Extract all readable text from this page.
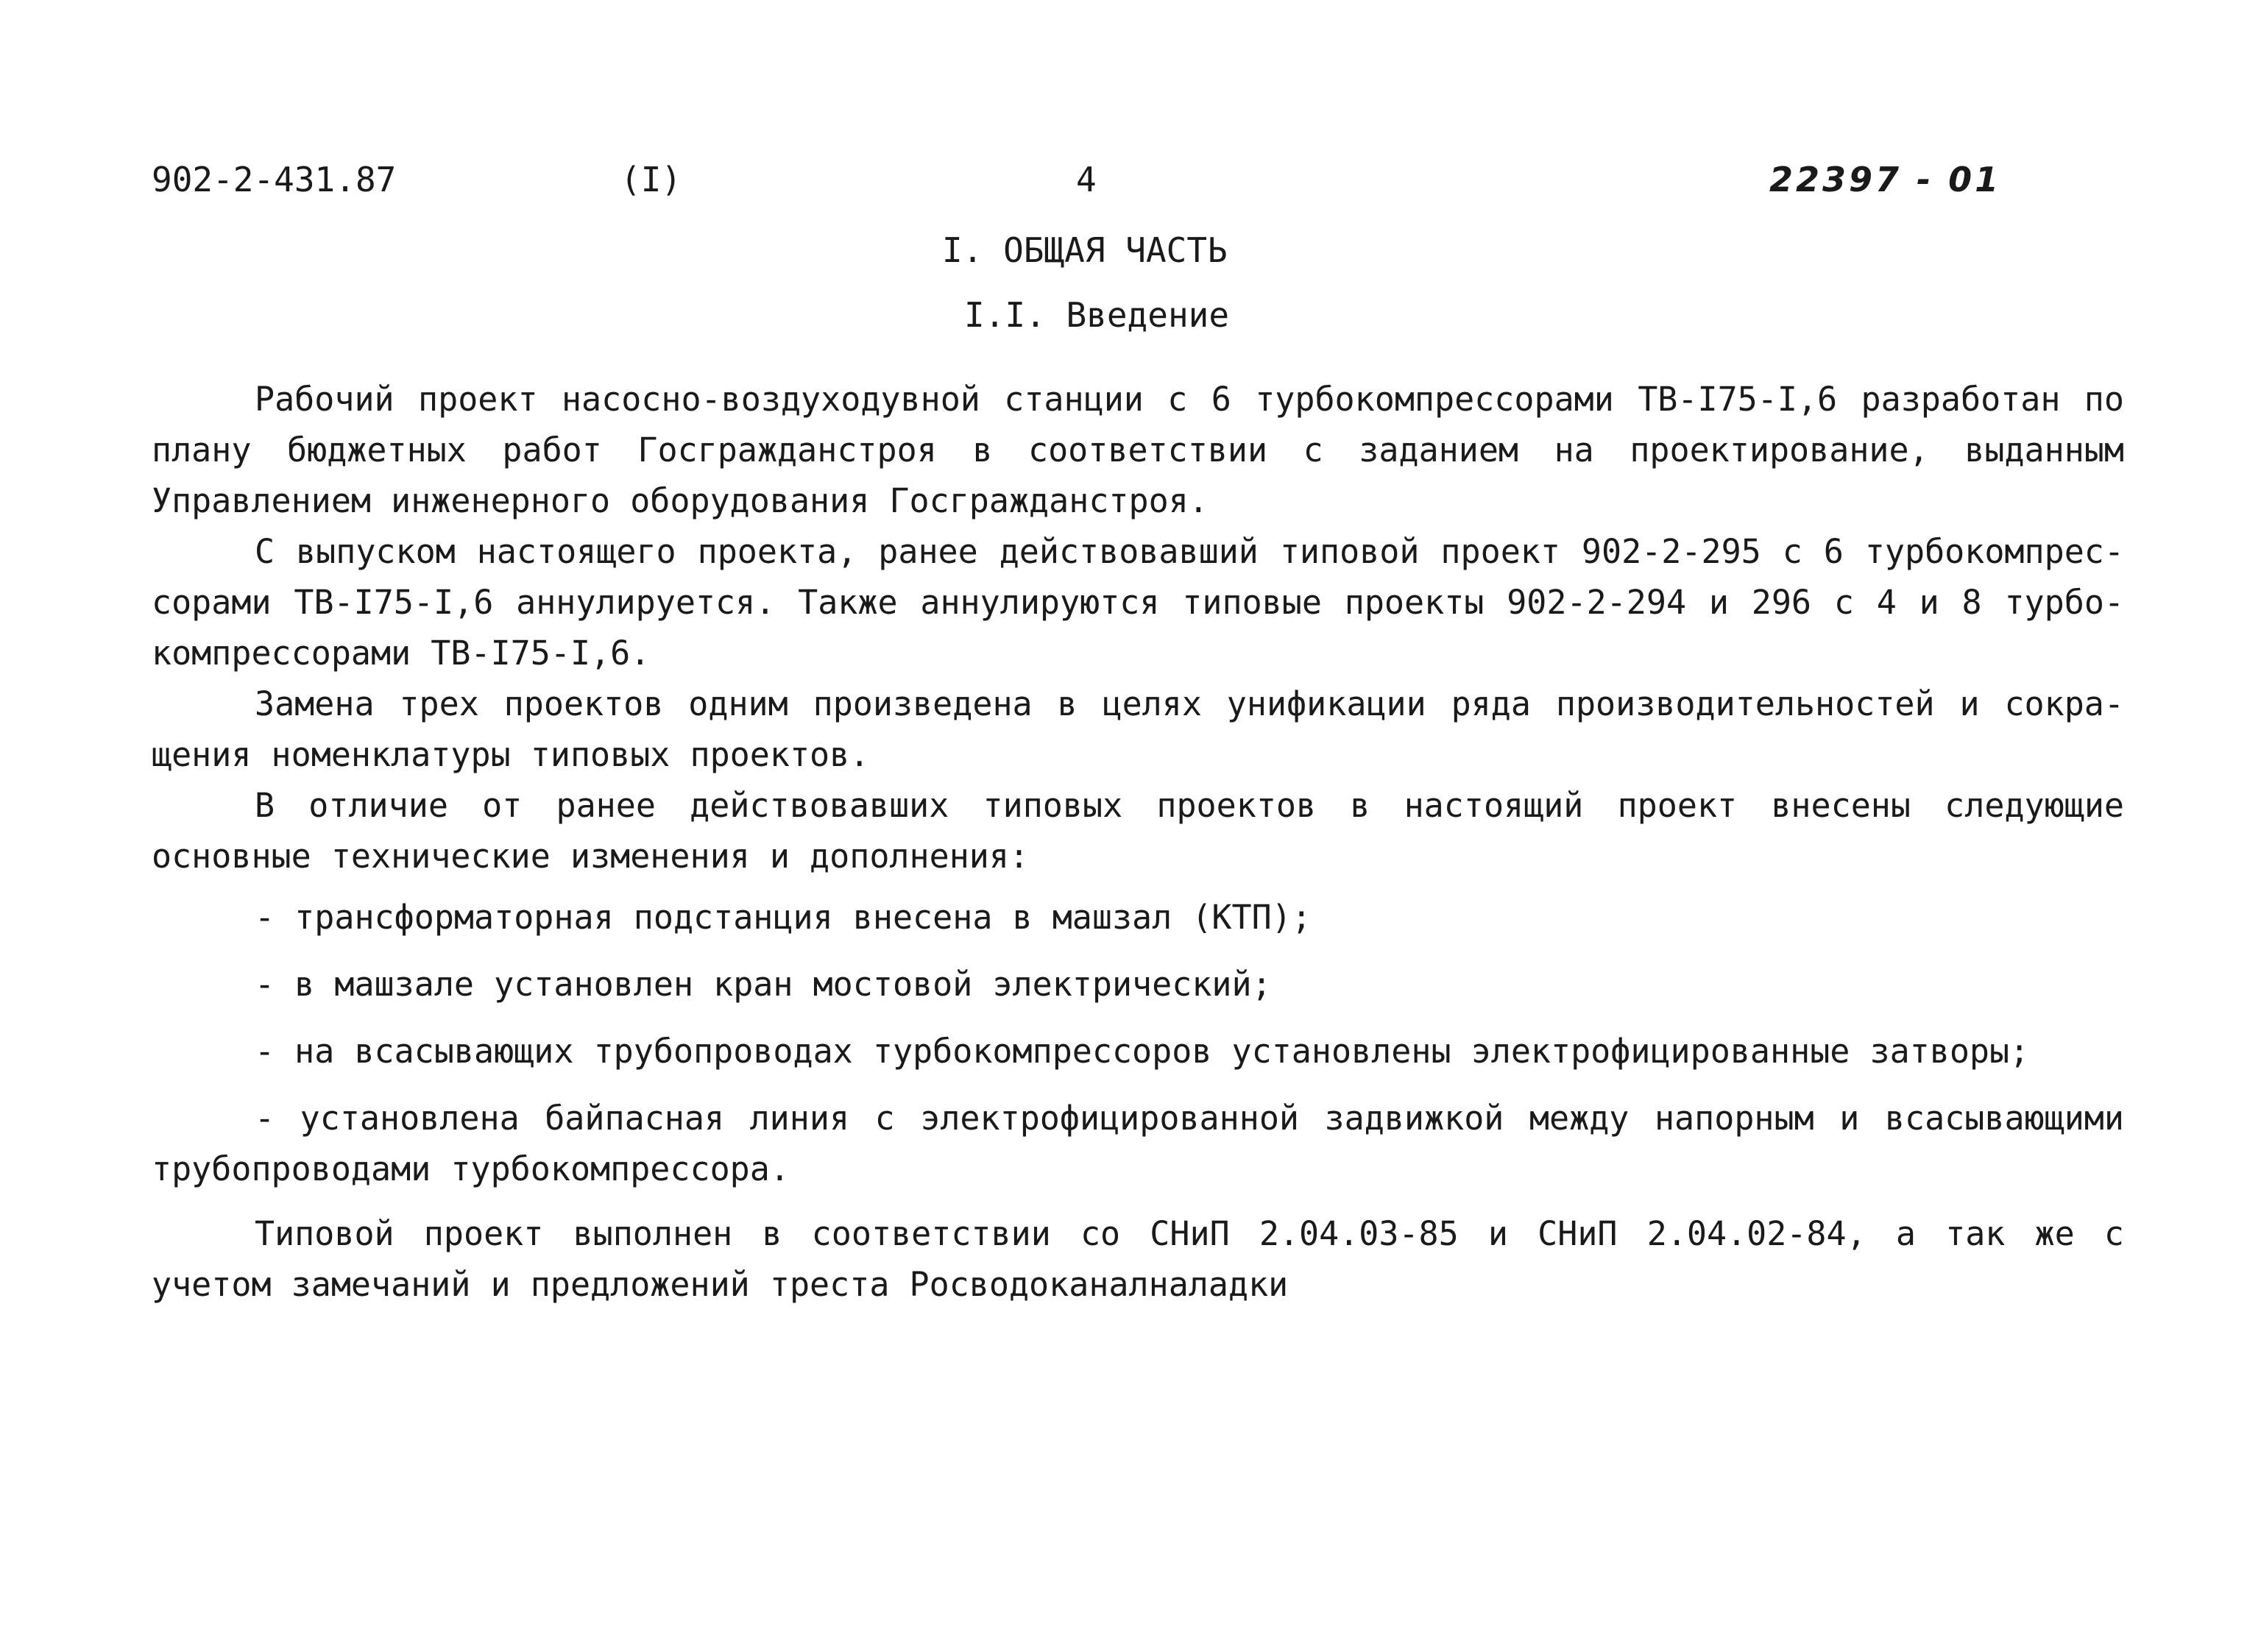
902-2-431.87	(I)	4	22397 - 01
I. ОБЩАЯ ЧАСТЬ
I.I. Введение

Рабочий проект насосно-воздуходувной станции с 6 турбокомпрессорами ТВ-I75-I,6 разработан по плану бюджетных работ Госгражданстроя в соответствии с заданием на проектирование, выданным Управлением инженерного оборудования Госгражданстроя.

С выпуском настоящего проекта, ранее действовавший типовой проект 902-2-295 с 6 турбокомпрес-сорами ТВ-I75-I,6 аннулируется. Также аннулируются типовые проекты 902-2-294 и 296 с 4 и 8 турбо-компрессорами ТВ-I75-I,6.

Замена трех проектов одним произведена в целях унификации ряда производительностей и сокра-щения номенклатуры типовых проектов.

В отличие от ранее действовавших типовых проектов в настоящий проект внесены следующие основные технические изменения и дополнения:

- трансформаторная подстанция внесена в машзал (КТП);
- в машзале установлен кран мостовой электрический;
- на всасывающих трубопроводах турбокомпрессоров установлены электрофицированные затворы;
- установлена байпасная линия с электрофицированной задвижкой между напорным и всасывающими трубопроводами турбокомпрессора.

Типовой проект выполнен в соответствии со СНиП 2.04.03-85 и СНиП 2.04.02-84, а так же с учетом замечаний и предложений треста Росводоканалналадки
